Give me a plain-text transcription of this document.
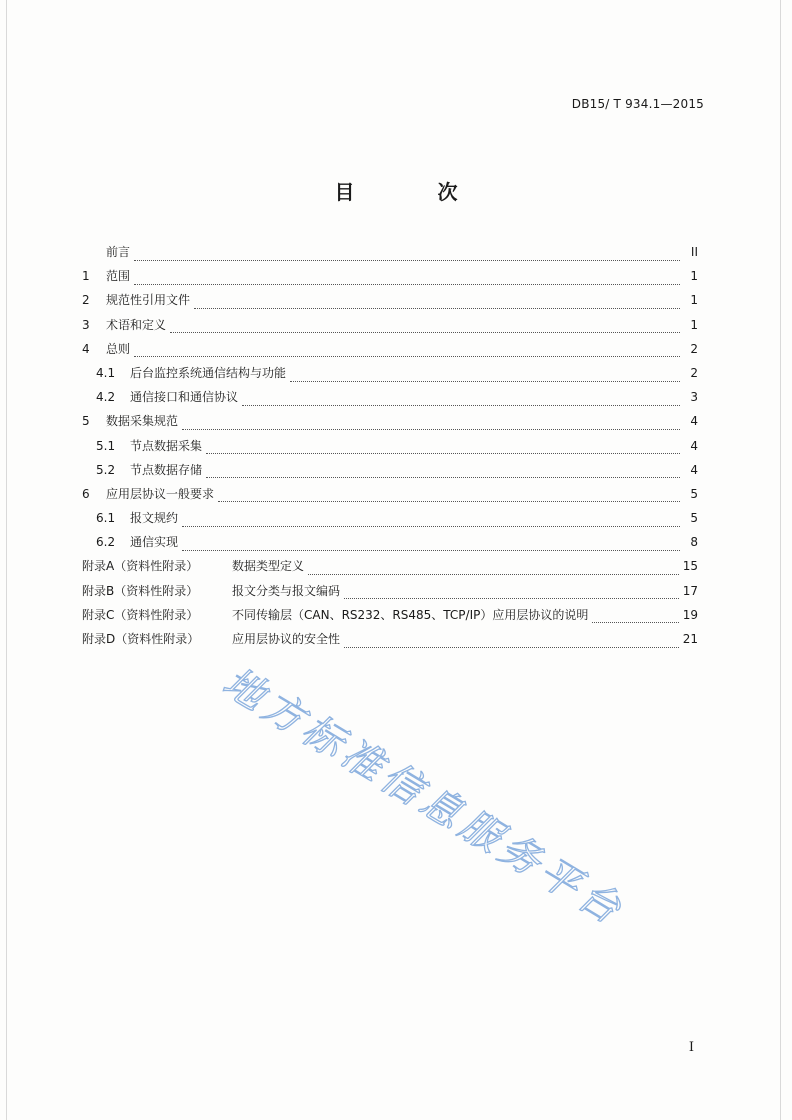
DB15/ T 934.1—2015
目 次
前言	II
1	范围	1
2	规范性引用文件	1
3	术语和定义	1
4	总则	2
4.1	后台监控系统通信结构与功能	2
4.2	通信接口和通信协议	3
5	数据采集规范	4
5.1	节点数据采集	4
5.2	节点数据存储	4
6	应用层协议一般要求	5
6.1	报文规约	5
6.2	通信实现	8
附录A（资料性附录）	数据类型定义	15
附录B（资料性附录）	报文分类与报文编码	17
附录C（资料性附录）	不同传输层（CAN、RS232、RS485、TCP/IP）应用层协议的说明	19
附录D（资料性附录）	应用层协议的安全性	21
地方标准信息服务平台
I
